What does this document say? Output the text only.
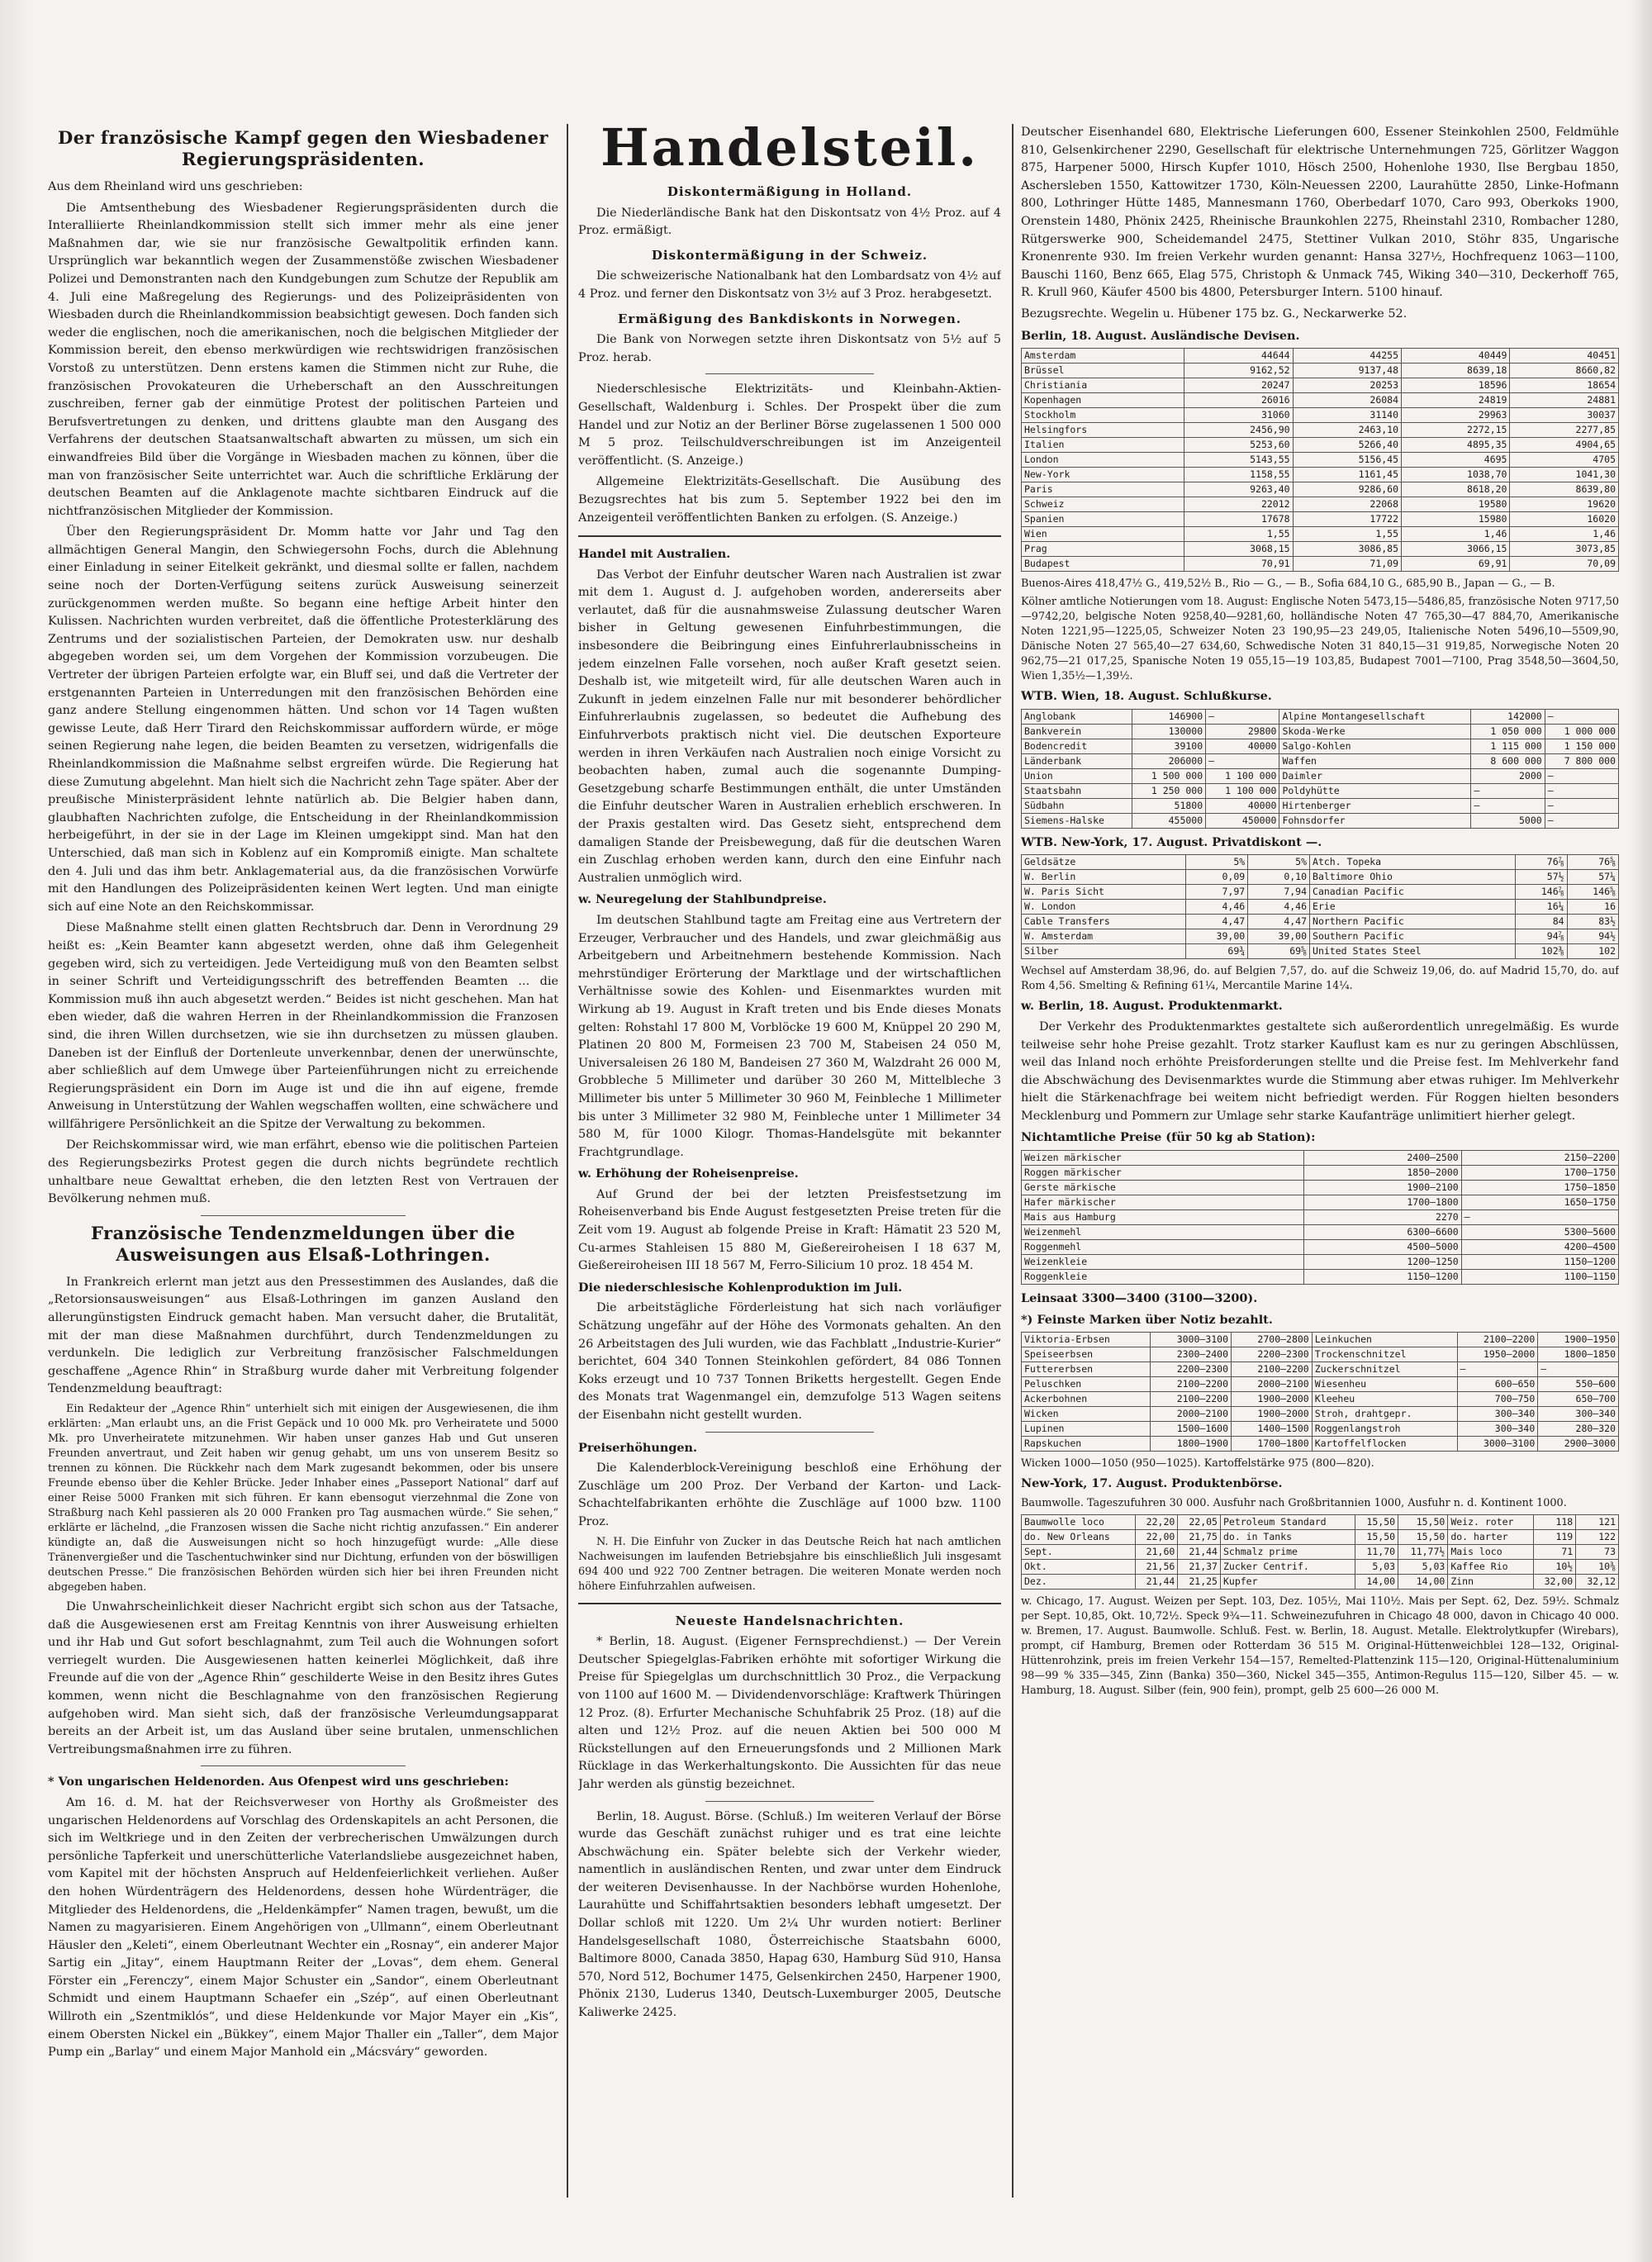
Der französische Kampf gegen den Wiesbadener Regierungspräsidenten.

Aus dem Rheinland wird uns geschrieben:

Die Amtsenthebung des Wiesbadener Regierungspräsidenten durch die Interalliierte Rheinlandkommission stellt sich immer mehr als eine jener Maßnahmen dar, wie sie nur französische Gewaltpolitik erfinden kann. Ursprünglich war bekanntlich wegen der Zusammenstöße zwischen Wiesbadener Polizei und Demonstranten nach den Kundgebungen zum Schutze der Republik am 4. Juli eine Maßregelung des Regierungs- und des Polizeipräsidenten von Wiesbaden durch die Rheinlandkommission beabsichtigt gewesen. Doch fanden sich weder die englischen, noch die amerikanischen, noch die belgischen Mitglieder der Kommission bereit, den ebenso merkwürdigen wie rechtswidrigen französischen Vorstoß zu unterstützen. Denn erstens kamen die Stimmen nicht zur Ruhe, die französischen Provokateuren die Urheberschaft an den Ausschreitungen zuschreiben, ferner gab der einmütige Protest der politischen Parteien und Berufsvertretungen zu denken, und drittens glaubte man den Ausgang des Verfahrens der deutschen Staatsanwaltschaft abwarten zu müssen, um sich ein einwandfreies Bild über die Vorgänge in Wiesbaden machen zu können, über die man von französischer Seite unterrichtet war. Auch die schriftliche Erklärung der deutschen Beamten auf die Anklagenote machte sichtbaren Eindruck auf die nichtfranzösischen Mitglieder der Kommission.

Über den Regierungspräsident Dr. Momm hatte vor Jahr und Tag den allmächtigen General Mangin, den Schwiegersohn Fochs, durch die Ablehnung einer Einladung in seiner Eitelkeit gekränkt, und diesmal sollte er fallen, nachdem seine noch der Dorten-Verfügung seitens zurück Ausweisung seinerzeit zurückgenommen werden mußte. So begann eine heftige Arbeit hinter den Kulissen. Nachrichten wurden verbreitet, daß die öffentliche Protesterklärung des Zentrums und der sozialistischen Parteien, der Demokraten usw. nur deshalb abgegeben worden sei, um dem Vorgehen der Kommission vorzubeugen. Die Vertreter der übrigen Parteien erfolgte war, ein Bluff sei, und daß die Vertreter der erstgenannten Parteien in Unterredungen mit den französischen Behörden eine ganz andere Stellung eingenommen hätten. Und schon vor 14 Tagen wußten gewisse Leute, daß Herr Tirard den Reichskommissar auffordern würde, er möge seinen Regierung nahe legen, die beiden Beamten zu versetzen, widrigenfalls die Rheinlandkommission die Maßnahme selbst ergreifen würde. Die Regierung hat diese Zumutung abgelehnt. Man hielt sich die Nachricht zehn Tage später. Aber der preußische Ministerpräsident lehnte natürlich ab. Die Belgier haben dann, glaubhaften Nachrichten zufolge, die Entscheidung in der Rheinlandkommission herbeigeführt, in der sie in der Lage im Kleinen umgekippt sind. Man hat den Unterschied, daß man sich in Koblenz auf ein Kompromiß einigte. Man schaltete den 4. Juli und das ihm betr. Anklagematerial aus, da die französischen Vorwürfe mit den Handlungen des Polizeipräsidenten keinen Wert legten. Und man einigte sich auf eine Note an den Reichskommissar.

Diese Maßnahme stellt einen glatten Rechtsbruch dar. Denn in Verordnung 29 heißt es: „Kein Beamter kann abgesetzt werden, ohne daß ihm Gelegenheit gegeben wird, sich zu verteidigen. Jede Verteidigung muß von den Beamten selbst in seiner Schrift und Verteidigungsschrift des betreffenden Beamten ... die Kommission muß ihn auch abgesetzt werden.“ Beides ist nicht geschehen. Man hat eben wieder, daß die wahren Herren in der Rheinlandkommission die Franzosen sind, die ihren Willen durchsetzen, wie sie ihn durchsetzen zu müssen glauben. Daneben ist der Einfluß der Dortenleute unverkennbar, denen der unerwünschte, aber schließlich auf dem Umwege über Parteienführungen nicht zu erreichende Regierungspräsident ein Dorn im Auge ist und die ihn auf eigene, fremde Anweisung in Unterstützung der Wahlen wegschaffen wollten, eine schwächere und willfährigere Persönlichkeit an die Spitze der Verwaltung zu bekommen.

Der Reichskommissar wird, wie man erfährt, ebenso wie die politischen Parteien des Regierungsbezirks Protest gegen die durch nichts begründete rechtlich unhaltbare neue Gewalttat erheben, die den letzten Rest von Vertrauen der Bevölkerung nehmen muß.

Französische Tendenzmeldungen über die Ausweisungen aus Elsaß-Lothringen.

In Frankreich erlernt man jetzt aus den Pressestimmen des Auslandes, daß die „Retorsionsausweisungen“ aus Elsaß-Lothringen im ganzen Ausland den allerungünstigsten Eindruck gemacht haben. Man versucht daher, die Brutalität, mit der man diese Maßnahmen durchführt, durch Tendenzmeldungen zu verdunkeln. Die lediglich zur Verbreitung französischer Falschmeldungen geschaffene „Agence Rhin“ in Straßburg wurde daher mit Verbreitung folgender Tendenzmeldung beauftragt:

Ein Redakteur der „Agence Rhin“ unterhielt sich mit einigen der Ausgewiesenen, die ihm erklärten: „Man erlaubt uns, an die Frist Gepäck und 10 000 Mk. pro Verheiratete und 5000 Mk. pro Unverheiratete mitzunehmen. Wir haben unser ganzes Hab und Gut unseren Freunden anvertraut, und Zeit haben wir genug gehabt, um uns von unserem Besitz so trennen zu können. Die Rückkehr nach dem Mark zugesandt bekommen, oder bis unsere Freunde ebenso über die Kehler Brücke. Jeder Inhaber eines „Passeport National“ darf auf einer Reise 5000 Franken mit sich führen. Er kann ebensogut vierzehnmal die Zone von Straßburg nach Kehl passieren als 20 000 Franken pro Tag ausmachen würde.“ Sie sehen,“ erklärte er lächelnd, „die Franzosen wissen die Sache nicht richtig anzufassen.“ Ein anderer kündigte an, daß die Ausweisungen nicht so hoch hinzugefügt wurde: „Alle diese Tränenvergießer und die Taschentuchwinker sind nur Dichtung, erfunden von der böswilligen deutschen Presse.“ Die französischen Behörden würden sich hier bei ihren Freunden nicht abgegeben haben.

Die Unwahrscheinlichkeit dieser Nachricht ergibt sich schon aus der Tatsache, daß die Ausgewiesenen erst am Freitag Kenntnis von ihrer Ausweisung erhielten und ihr Hab und Gut sofort beschlagnahmt, zum Teil auch die Wohnungen sofort verriegelt wurden. Die Ausgewiesenen hatten keinerlei Möglichkeit, daß ihre Freunde auf die von der „Agence Rhin“ geschilderte Weise in den Besitz ihres Gutes kommen, wenn nicht die Beschlagnahme von den französischen Regierung aufgehoben wird. Man sieht sich, daß der französische Verleumdungsapparat bereits an der Arbeit ist, um das Ausland über seine brutalen, unmenschlichen Vertreibungsmaßnahmen irre zu führen.

* Von ungarischen Heldenorden. Aus Ofenpest wird uns geschrieben:

Am 16. d. M. hat der Reichsverweser von Horthy als Großmeister des ungarischen Heldenordens auf Vorschlag des Ordenskapitels an acht Personen, die sich im Weltkriege und in den Zeiten der verbrecherischen Umwälzungen durch persönliche Tapferkeit und unerschütterliche Vaterlandsliebe ausgezeichnet haben, vom Kapitel mit der höchsten Anspruch auf Heldenfeierlichkeit verliehen. Außer den hohen Würdenträgern des Heldenordens, dessen hohe Würdenträger, die Mitglieder des Heldenordens, die „Heldenkämpfer“ Namen tragen, bewußt, um die Namen zu magyarisieren. Einem Angehörigen von „Ullmann“, einem Oberleutnant Häusler den „Keleti“, einem Oberleutnant Wechter ein „Rosnay“, ein anderer Major Sartig ein „Jitay“, einem Hauptmann Reiter der „Lovas“, dem ehem. General Förster ein „Ferenczy“, einem Major Schuster ein „Sandor“, einem Oberleutnant Schmidt und einem Hauptmann Schaefer ein „Szép“, auf einen Oberleutnant Willroth ein „Szentmiklós“, und diese Heldenkunde vor Major Mayer ein „Kis“, einem Obersten Nickel ein „Bükkey“, einem Major Thaller ein „Taller“, dem Major Pump ein „Barlay“ und einem Major Manhold ein „Mácsváry“ geworden.

Handelsteil.
Diskontermäßigung in Holland.

Die Niederländische Bank hat den Diskontsatz von 4½ Proz. auf 4 Proz. ermäßigt.

Diskontermäßigung in der Schweiz.

Die schweizerische Nationalbank hat den Lombardsatz von 4½ auf 4 Proz. und ferner den Diskontsatz von 3½ auf 3 Proz. herabgesetzt.

Ermäßigung des Bankdiskonts in Norwegen.

Die Bank von Norwegen setzte ihren Diskontsatz von 5½ auf 5 Proz. herab.

Niederschlesische Elektrizitäts- und Kleinbahn-Aktien-Gesellschaft, Waldenburg i. Schles. Der Prospekt über die zum Handel und zur Notiz an der Berliner Börse zugelassenen 1 500 000 M 5 proz. Teilschuldverschreibungen ist im Anzeigenteil veröffentlicht. (S. Anzeige.)

Allgemeine Elektrizitäts-Gesellschaft. Die Ausübung des Bezugsrechtes hat bis zum 5. September 1922 bei den im Anzeigenteil veröffentlichten Banken zu erfolgen. (S. Anzeige.)

Handel mit Australien.

Das Verbot der Einfuhr deutscher Waren nach Australien ist zwar mit dem 1. August d. J. aufgehoben worden, andererseits aber verlautet, daß für die ausnahmsweise Zulassung deutscher Waren bisher in Geltung gewesenen Einfuhrbestimmungen, die insbesondere die Beibringung eines Einfuhrerlaubnisscheins in jedem einzelnen Falle vorsehen, noch außer Kraft gesetzt seien. Deshalb ist, wie mitgeteilt wird, für alle deutschen Waren auch in Zukunft in jedem einzelnen Falle nur mit besonderer behördlicher Einfuhrerlaubnis zugelassen, so bedeutet die Aufhebung des Einfuhrverbots praktisch nicht viel. Die deutschen Exporteure werden in ihren Verkäufen nach Australien noch einige Vorsicht zu beobachten haben, zumal auch die sogenannte Dumping-Gesetzgebung scharfe Bestimmungen enthält, die unter Umständen die Einfuhr deutscher Waren in Australien erheblich erschweren. In der Praxis gestalten wird. Das Gesetz sieht, entsprechend dem damaligen Stande der Preisbewegung, daß für die deutschen Waren ein Zuschlag erhoben werden kann, durch den eine Einfuhr nach Australien unmöglich wird.

w. Neuregelung der Stahlbundpreise.

Im deutschen Stahlbund tagte am Freitag eine aus Vertretern der Erzeuger, Verbraucher und des Handels, und zwar gleichmäßig aus Arbeitgebern und Arbeitnehmern bestehende Kommission. Nach mehrstündiger Erörterung der Marktlage und der wirtschaftlichen Verhältnisse sowie des Kohlen- und Eisenmarktes wurden mit Wirkung ab 19. August in Kraft treten und bis Ende dieses Monats gelten: Rohstahl 17 800 M, Vorblöcke 19 600 M, Knüppel 20 290 M, Platinen 20 800 M, Formeisen 23 700 M, Stabeisen 24 050 M, Universaleisen 26 180 M, Bandeisen 27 360 M, Walzdraht 26 000 M, Grobbleche 5 Millimeter und darüber 30 260 M, Mittelbleche 3 Millimeter bis unter 5 Millimeter 30 960 M, Feinbleche 1 Millimeter bis unter 3 Millimeter 32 980 M, Feinbleche unter 1 Millimeter 34 580 M, für 1000 Kilogr. Thomas-Handelsgüte mit bekannter Frachtgrundlage.

w. Erhöhung der Roheisenpreise.

Auf Grund der bei der letzten Preisfestsetzung im Roheisenverband bis Ende August festgesetzten Preise treten für die Zeit vom 19. August ab folgende Preise in Kraft: Hämatit 23 520 M, Cu-armes Stahleisen 15 880 M, Gießereiroheisen I 18 637 M, Gießereiroheisen III 18 567 M, Ferro-Silicium 10 proz. 18 454 M.

Die niederschlesische Kohlenproduktion im Juli.

Die arbeitstägliche Förderleistung hat sich nach vorläufiger Schätzung ungefähr auf der Höhe des Vormonats gehalten. An den 26 Arbeitstagen des Juli wurden, wie das Fachblatt „Industrie-Kurier“ berichtet, 604 340 Tonnen Steinkohlen gefördert, 84 086 Tonnen Koks erzeugt und 10 737 Tonnen Briketts hergestellt. Gegen Ende des Monats trat Wagenmangel ein, demzufolge 513 Wagen seitens der Eisenbahn nicht gestellt wurden.

Preiserhöhungen.

Die Kalenderblock-Vereinigung beschloß eine Erhöhung der Zuschläge um 200 Proz. Der Verband der Karton- und Lack-Schachtelfabrikanten erhöhte die Zuschläge auf 1000 bzw. 1100 Proz.

N. H. Die Einfuhr von Zucker in das Deutsche Reich hat nach amtlichen Nachweisungen im laufenden Betriebsjahre bis einschließlich Juli insgesamt 694 400 und 922 700 Zentner betragen. Die weiteren Monate werden noch höhere Einfuhrzahlen aufweisen.

Neueste Handelsnachrichten.

* Berlin, 18. August. (Eigener Fernsprechdienst.) — Der Verein Deutscher Spiegelglas-Fabriken erhöhte mit sofortiger Wirkung die Preise für Spiegelglas um durchschnittlich 30 Proz., die Verpackung von 1100 auf 1600 M. — Dividendenvorschläge: Kraftwerk Thüringen 12 Proz. (8). Erfurter Mechanische Schuhfabrik 25 Proz. (18) auf die alten und 12½ Proz. auf die neuen Aktien bei 500 000 M Rückstellungen auf den Erneuerungsfonds und 2 Millionen Mark Rücklage in das Werkerhaltungskonto. Die Aussichten für das neue Jahr werden als günstig bezeichnet.

Berlin, 18. August. Börse. (Schluß.) Im weiteren Verlauf der Börse wurde das Geschäft zunächst ruhiger und es trat eine leichte Abschwächung ein. Später belebte sich der Verkehr wieder, namentlich in ausländischen Renten, und zwar unter dem Eindruck der weiteren Devisenhausse. In der Nachbörse wurden Hohenlohe, Laurahütte und Schiffahrtsaktien besonders lebhaft umgesetzt. Der Dollar schloß mit 1220. Um 2¼ Uhr wurden notiert: Berliner Handelsgesellschaft 1080, Österreichische Staatsbahn 6000, Baltimore 8000, Canada 3850, Hapag 630, Hamburg Süd 910, Hansa 570, Nord 512, Bochumer 1475, Gelsenkirchen 2450, Harpener 1900, Phönix 2130, Luderus 1340, Deutsch-Luxemburger 2005, Deutsche Kaliwerke 2425.

Deutscher Eisenhandel 680, Elektrische Lieferungen 600, Essener Steinkohlen 2500, Feldmühle 810, Gelsenkirchener 2290, Gesellschaft für elektrische Unternehmungen 725, Görlitzer Waggon 875, Harpener 5000, Hirsch Kupfer 1010, Hösch 2500, Hohenlohe 1930, Ilse Bergbau 1850, Aschersleben 1550, Kattowitzer 1730, Köln-Neuessen 2200, Laurahütte 2850, Linke-Hofmann 800, Lothringer Hütte 1485, Mannesmann 1760, Oberbedarf 1070, Caro 993, Oberkoks 1900, Orenstein 1480, Phönix 2425, Rheinische Braunkohlen 2275, Rheinstahl 2310, Rombacher 1280, Rütgerswerke 900, Scheidemandel 2475, Stettiner Vulkan 2010, Stöhr 835, Ungarische Kronenrente 930. Im freien Verkehr wurden genannt: Hansa 327½, Hochfrequenz 1063—1100, Bauschi 1160, Benz 665, Elag 575, Christoph & Unmack 745, Wiking 340—310, Deckerhoff 765, R. Krull 960, Käufer 4500 bis 4800, Petersburger Intern. 5100 hinauf.

Bezugsrechte. Wegelin u. Hübener 175 bz. G., Neckarwerke 52.

Berlin, 18. August. Ausländische Devisen.

Amsterdam	44644	44255	40449	40451
Brüssel	9162,52	9137,48	8639,18	8660,82
Christiania	20247	20253	18596	18654
Kopenhagen	26016	26084	24819	24881
Stockholm	31060	31140	29963	30037
Helsingfors	2456,90	2463,10	2272,15	2277,85
Italien	5253,60	5266,40	4895,35	4904,65
London	5143,55	5156,45	4695	4705
New-York	1158,55	1161,45	1038,70	1041,30
Paris	9263,40	9286,60	8618,20	8639,80
Schweiz	22012	22068	19580	19620
Spanien	17678	17722	15980	16020
Wien	1,55	1,55	1,46	1,46
Prag	3068,15	3086,85	3066,15	3073,85
Budapest	70,91	71,09	69,91	70,09

Buenos-Aires 418,47½ G., 419,52½ B., Rio — G., — B., Sofia 684,10 G., 685,90 B., Japan — G., — B.

Kölner amtliche Notierungen vom 18. August: Englische Noten 5473,15—5486,85, französische Noten 9717,50—9742,20, belgische Noten 9258,40—9281,60, holländische Noten 47 765,30—47 884,70, Amerikanische Noten 1221,95—1225,05, Schweizer Noten 23 190,95—23 249,05, Italienische Noten 5496,10—5509,90, Dänische Noten 27 565,40—27 634,60, Schwedische Noten 31 840,15—31 919,85, Norwegische Noten 20 962,75—21 017,25, Spanische Noten 19 055,15—19 103,85, Budapest 7001—7100, Prag 3548,50—3604,50, Wien 1,35½—1,39½.

WTB. Wien, 18. August. Schlußkurse.

Anglobank	146900	—	Alpine Montangesellschaft	142000	—
Bankverein	130000	29800	Skoda-Werke	1 050 000	1 000 000
Bodencredit	39100	40000	Salgo-Kohlen	1 115 000	1 150 000
Länderbank	206000	—	Waffen	8 600 000	7 800 000
Union	1 500 000	1 100 000	Daimler	2000	—
Staatsbahn	1 250 000	1 100 000	Poldyhütte	—	—
Südbahn	51800	40000	Hirtenberger	—	—
Siemens-Halske	455000	450000	Fohnsdorfer	5000	—

WTB. New-York, 17. August. Privatdiskont —.

Geldsätze	5%	5%	Atch. Topeka	76⅞	76⅝
W. Berlin	0,09	0,10	Baltimore Ohio	57½	57¼
W. Paris Sicht	7,97	7,94	Canadian Pacific	146⅞	146⅝
W. London	4,46	4,46	Erie	16¼	16
Cable Transfers	4,47	4,47	Northern Pacific	84	83½
W. Amsterdam	39,00	39,00	Southern Pacific	94⅞	94½
Silber	69¾	69⅝	United States Steel	102⅜	102

Wechsel auf Amsterdam 38,96, do. auf Belgien 7,57, do. auf die Schweiz 19,06, do. auf Madrid 15,70, do. auf Rom 4,56. Smelting & Refining 61¼, Mercantile Marine 14¼.

w. Berlin, 18. August. Produktenmarkt.

Der Verkehr des Produktenmarktes gestaltete sich außerordentlich unregelmäßig. Es wurde teilweise sehr hohe Preise gezahlt. Trotz starker Kauflust kam es nur zu geringen Abschlüssen, weil das Inland noch erhöhte Preisforderungen stellte und die Preise fest. Im Mehlverkehr fand die Abschwächung des Devisenmarktes wurde die Stimmung aber etwas ruhiger. Im Mehlverkehr hielt die Stärkenachfrage bei weitem nicht befriedigt werden. Für Roggen hielten besonders Mecklenburg und Pommern zur Umlage sehr starke Kaufanträge unlimitiert hierher gelegt.

Nichtamtliche Preise (für 50 kg ab Station):

Weizen märkischer	2400—2500	2150—2200
Roggen märkischer	1850—2000	1700—1750
Gerste märkische	1900—2100	1750—1850
Hafer märkischer	1700—1800	1650—1750
Mais aus Hamburg	2270	—
Weizenmehl	6300—6600	5300—5600
Roggenmehl	4500—5000	4200—4500
Weizenkleie	1200—1250	1150—1200
Roggenkleie	1150—1200	1100—1150

Leinsaat 3300—3400 (3100—3200).

*) Feinste Marken über Notiz bezahlt.

Viktoria-Erbsen	3000—3100	2700—2800	Leinkuchen	2100—2200	1900—1950
Speiseerbsen	2300—2400	2200—2300	Trockenschnitzel	1950—2000	1800—1850
Futtererbsen	2200—2300	2100—2200	Zuckerschnitzel	—	—
Peluschken	2100—2200	2000—2100	Wiesenheu	600—650	550—600
Ackerbohnen	2100—2200	1900—2000	Kleeheu	700—750	650—700
Wicken	2000—2100	1900—2000	Stroh, drahtgepr.	300—340	300—340
Lupinen	1500—1600	1400—1500	Roggenlangstroh	300—340	280—320
Rapskuchen	1800—1900	1700—1800	Kartoffelflocken	3000—3100	2900—3000

Wicken 1000—1050 (950—1025). Kartoffelstärke 975 (800—820).

New-York, 17. August. Produktenbörse.

Baumwolle. Tageszufuhren 30 000. Ausfuhr nach Großbritannien 1000, Ausfuhr n. d. Kontinent 1000.

Baumwolle loco	22,20	22,05	Petroleum Standard	15,50	15,50	Weiz. roter	118	121
do. New Orleans	22,00	21,75	do. in Tanks	15,50	15,50	do. harter	119	122
Sept.	21,60	21,44	Schmalz prime	11,70	11,77½	Mais loco	71	73
Okt.	21,56	21,37	Zucker Centrif.	5,03	5,03	Kaffee Rio	10½	10⅜
Dez.	21,44	21,25	Kupfer	14,00	14,00	Zinn	32,00	32,12

w. Chicago, 17. August. Weizen per Sept. 103, Dez. 105½, Mai 110½. Mais per Sept. 62, Dez. 59½. Schmalz per Sept. 10,85, Okt. 10,72½. Speck 9¾—11. Schweinezufuhren in Chicago 48 000, davon in Chicago 40 000. w. Bremen, 17. August. Baumwolle. Schluß. Fest. w. Berlin, 18. August. Metalle. Elektrolytkupfer (Wirebars), prompt, cif Hamburg, Bremen oder Rotterdam 36 515 M. Original-Hüttenweichblei 128—132, Original-Hüttenrohzink, preis im freien Verkehr 154—157, Remelted-Plattenzink 115—120, Original-Hüttenaluminium 98—99 % 335—345, Zinn (Banka) 350—360, Nickel 345—355, Antimon-Regulus 115—120, Silber 45. — w. Hamburg, 18. August. Silber (fein, 900 fein), prompt, gelb 25 600—26 000 M.
